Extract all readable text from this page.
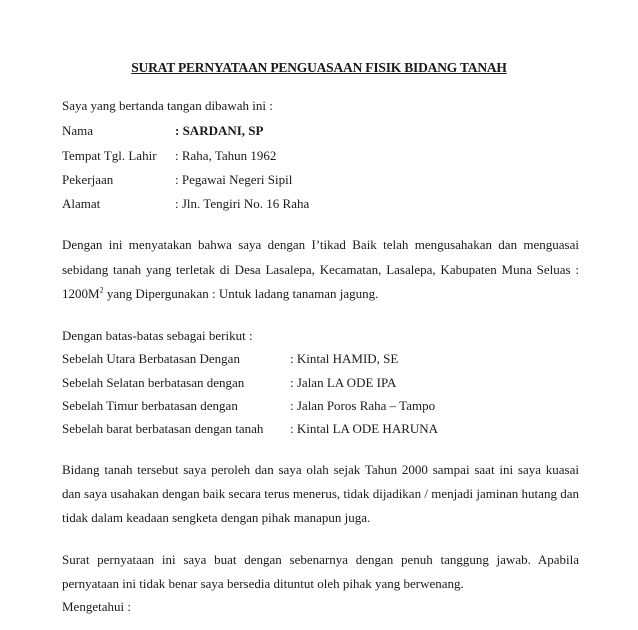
SURAT PERNYATAAN PENGUASAAN FISIK BIDANG TANAH
Saya yang bertanda tangan dibawah ini :
Nama	: SARDANI, SP
Tempat Tgl. Lahir : Raha, Tahun 1962
Pekerjaan	: Pegawai Negeri Sipil
Alamat	: Jln. Tengiri No. 16 Raha
Dengan ini menyatakan bahwa saya dengan I’tikad Baik telah mengusahakan dan menguasai
sebidang tanah yang terletak di Desa Lasalepa, Kecamatan, Lasalepa, Kabupaten Muna Seluas :
$1200M^2$ yang Dipergunakan : Untuk ladang tanaman jagung.
Dengan batas-batas sebagai berikut :
Sebelah Utara Berbatasan Dengan	: Kintal HAMID, SE
Sebelah Selatan berbatasan dengan	: Jalan LA ODE IPA
Sebelah Timur berbatasan dengan	: Jalan Poros Raha – Tampo
Sebelah barat berbatasan dengan tanah : Kintal LA ODE HARUNA
Bidang tanah tersebut saya peroleh dan saya olah sejak Tahun 2000 sampai saat ini saya kuasai
dan saya usahakan dengan baik secara terus menerus, tidak dijadikan / menjadi jaminan hutang dan
tidak dalam keadaan sengketa dengan pihak manapun juga.
Surat pernyataan ini saya buat dengan sebenarnya dengan penuh tanggung jawab. Apabila
pernyataan ini tidak benar saya bersedia dituntut oleh pihak yang berwenang.
Mengetahui :
